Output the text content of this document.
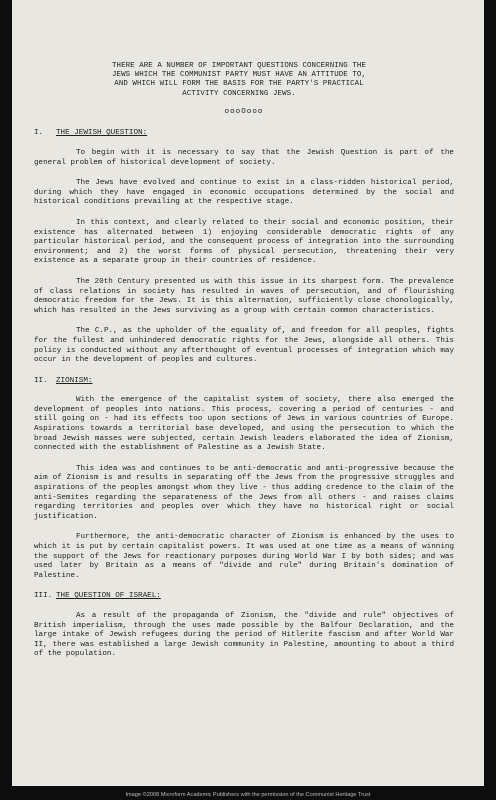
THERE ARE A NUMBER OF IMPORTANT QUESTIONS CONCERNING THE JEWS WHICH THE COMMUNIST PARTY MUST HAVE AN ATTITUDE TO, AND WHICH WILL FORM THE BASIS FOR THE PARTY'S PRACTICAL ACTIVITY CONCERNING JEWS.
oooOooo
I. THE JEWISH QUESTION:

To begin with it is necessary to say that the Jewish Question is part of the general problem of historical development of society.

The Jews have evolved and continue to exist in a class-ridden historical period, during which they have engaged in economic occupations determined by the social and historical conditions prevailing at the respective stage.

In this context, and clearly related to their social and economic position, their existence has alternated between 1) enjoying considerable democratic rights of any particular historical period, and the consequent process of integration into the surrounding environment; and 2) the worst forms of physical persecution, threatening their very existence as a separate group in their countries of residence.

The 20th Century presented us with this issue in its sharpest form. The prevalence of class relations in society has resulted in waves of persecution, and of flourishing democratic freedom for the Jews. It is this alternation, sufficiently close chonologically, which has resulted in the Jews surviving as a group with certain common characteristics.

The C.P., as the upholder of the equality of, and freedom for all peoples, fights for the fullest and unhindered democratic rights for the Jews, alongside all others. This policy is conducted without any afterthought of eventual processes of integration which may occur in the development of peoples and cultures.

II. ZIONISM:

With the emergence of the capitalist system of society, there also emerged the development of peoples into nations. This process, covering a period of centuries - and still going on - had its effects too upon sections of Jews in various countries of Europe. Aspirations towards a territorial base developed, and using the persecution to which the broad Jewish masses were subjected, certain Jewish leaders elaborated the idea of Zionism, connected with the establishment of Palestine as a Jewish State.

This idea was and continues to be anti-democratic and anti-progressive because the aim of Zionism is and results in separating off the Jews from the progressive struggles and aspirations of the peoples amongst whom they live - thus adding credence to the claim of the anti-Semites regarding the separateness of the Jews from all others - and raises claims regarding territories and peoples over which they have no historical right or social justification.

Furthermore, the anti-democratic character of Zionism is enhanced by the uses to which it is put by certain capitalist powers. It was used at one time as a means of winning the support of the Jews for reactionary purposes during World War I by both sides; and was used later by Britain as a means of "divide and rule" during Britain's domination of Palestine.

III. THE QUESTION OF ISRAEL:

As a result of the propaganda of Zionism, the "divide and rule" objectives of British imperialism, through the uses made possible by the Balfour Declaration, and the large intake of Jewish refugees during the period of Hitlerite fascism and after World War II, there was established a large Jewish community in Palestine, amounting to about a third of the population.

Image ©2008 Microform Academic Publishers with the permission of the Communist Heritage Trust
